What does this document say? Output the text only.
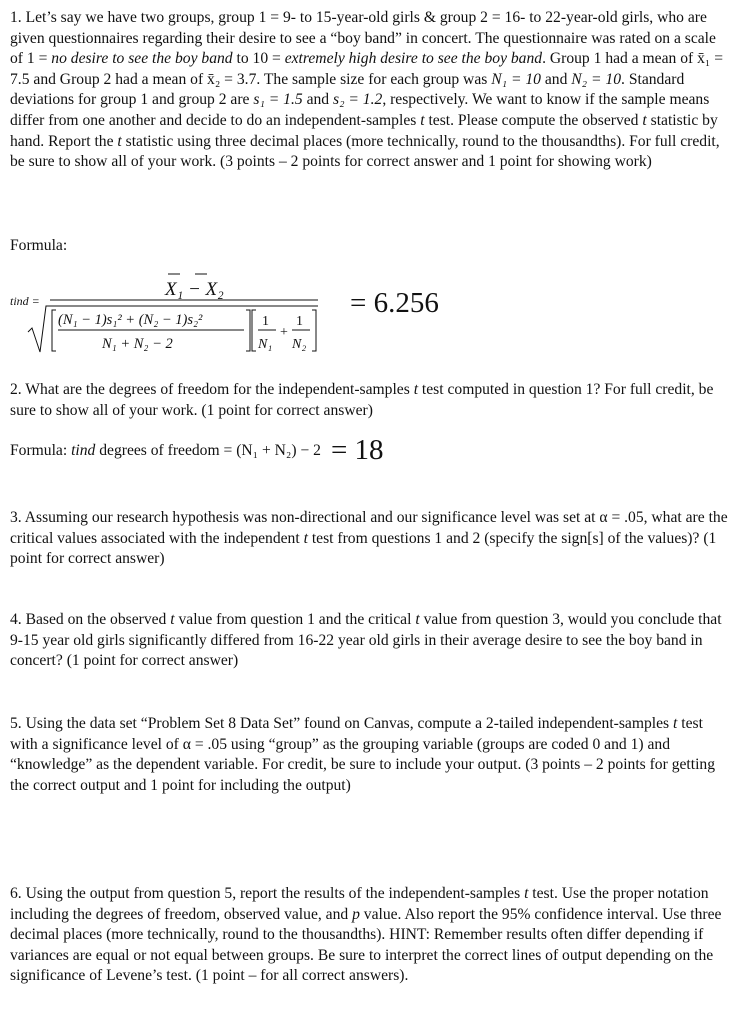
1. Let’s say we have two groups, group 1 = 9- to 15-year-old girls & group 2 = 16- to 22-year-old girls, who are given questionnaires regarding their desire to see a “boy band” in concert. The questionnaire was rated on a scale of 1 = no desire to see the boy band to 10 = extremely high desire to see the boy band. Group 1 had a mean of x̄₁ = 7.5 and Group 2 had a mean of x̄₂ = 3.7. The sample size for each group was N₁ = 10 and N₂ = 10. Standard deviations for group 1 and group 2 are s₁ = 1.5 and s₂ = 1.2, respectively. We want to know if the sample means differ from one another and decide to do an independent-samples t test. Please compute the observed t statistic by hand. Report the t statistic using three decimal places (more technically, round to the thousandths). For full credit, be sure to show all of your work. (3 points – 2 points for correct answer and 1 point for showing work)
Formula:
tind =
X₁ − X₂
(N₁ − 1)s₁² + (N₂ − 1)s₂²
N₁ + N₂ − 2
1
N₁
+
1
N₂
= 6.256
2. What are the degrees of freedom for the independent-samples t test computed in question 1? For full credit, be sure to show all of your work. (1 point for correct answer)
Formula: tind degrees of freedom = (N₁ + N₂) − 2 = 18
3. Assuming our research hypothesis was non-directional and our significance level was set at α = .05, what are the critical values associated with the independent t test from questions 1 and 2 (specify the sign[s] of the values)? (1 point for correct answer)
4. Based on the observed t value from question 1 and the critical t value from question 3, would you conclude that 9-15 year old girls significantly differed from 16-22 year old girls in their average desire to see the boy band in concert? (1 point for correct answer)
5. Using the data set “Problem Set 8 Data Set” found on Canvas, compute a 2-tailed independent-samples t test with a significance level of α = .05 using “group” as the grouping variable (groups are coded 0 and 1) and “knowledge” as the dependent variable. For credit, be sure to include your output. (3 points – 2 points for getting the correct output and 1 point for including the output)
6. Using the output from question 5, report the results of the independent-samples t test. Use the proper notation including the degrees of freedom, observed value, and p value. Also report the 95% confidence interval. Use three decimal places (more technically, round to the thousandths). HINT: Remember results often differ depending if variances are equal or not equal between groups. Be sure to interpret the correct lines of output depending on the significance of Levene’s test. (1 point – for all correct answers).
